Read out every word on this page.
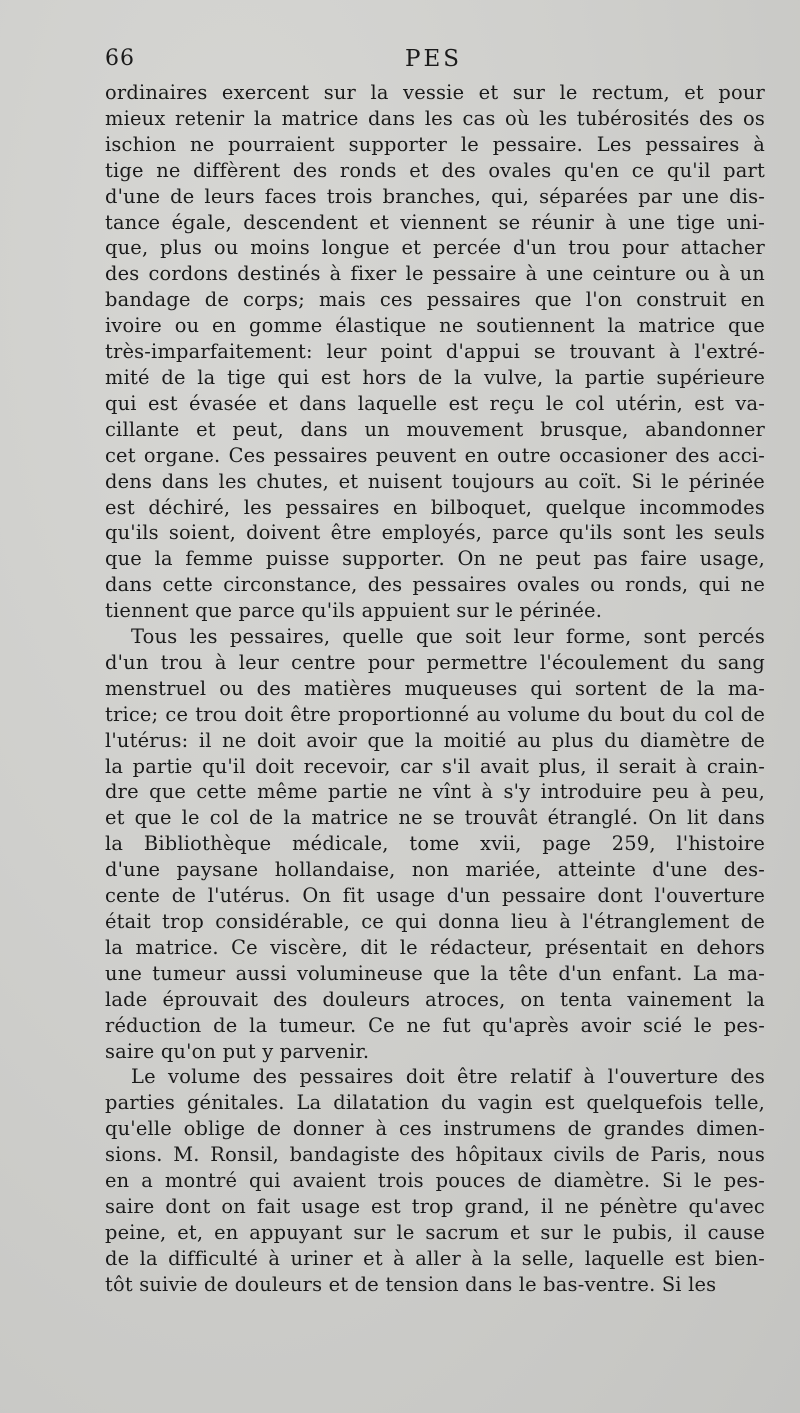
66	PES
ordinaires exercent sur la vessie et sur le rectum, et pour
mieux retenir la matrice dans les cas où les tubérosités des os
ischion ne pourraient supporter le pessaire. Les pessaires à
tige ne diffèrent des ronds et des ovales qu'en ce qu'il part
d'une de leurs faces trois branches, qui, séparées par une dis-
tance égale, descendent et viennent se réunir à une tige uni-
que, plus ou moins longue et percée d'un trou pour attacher
des cordons destinés à fixer le pessaire à une ceinture ou à un
bandage de corps; mais ces pessaires que l'on construit en
ivoire ou en gomme élastique ne soutiennent la matrice que
très-imparfaitement: leur point d'appui se trouvant à l'extré-
mité de la tige qui est hors de la vulve, la partie supérieure
qui est évasée et dans laquelle est reçu le col utérin, est va-
cillante et peut, dans un mouvement brusque, abandonner
cet organe. Ces pessaires peuvent en outre occasioner des acci-
dens dans les chutes, et nuisent toujours au coït. Si le périnée
est déchiré, les pessaires en bilboquet, quelque incommodes
qu'ils soient, doivent être employés, parce qu'ils sont les seuls
que la femme puisse supporter. On ne peut pas faire usage,
dans cette circonstance, des pessaires ovales ou ronds, qui ne
tiennent que parce qu'ils appuient sur le périnée.
Tous les pessaires, quelle que soit leur forme, sont percés
d'un trou à leur centre pour permettre l'écoulement du sang
menstruel ou des matières muqueuses qui sortent de la ma-
trice; ce trou doit être proportionné au volume du bout du col de
l'utérus: il ne doit avoir que la moitié au plus du diamètre de
la partie qu'il doit recevoir, car s'il avait plus, il serait à crain-
dre que cette même partie ne vînt à s'y introduire peu à peu,
et que le col de la matrice ne se trouvât étranglé. On lit dans
la Bibliothèque médicale, tome xvii, page 259, l'histoire
d'une paysane hollandaise, non mariée, atteinte d'une des-
cente de l'utérus. On fit usage d'un pessaire dont l'ouverture
était trop considérable, ce qui donna lieu à l'étranglement de
la matrice. Ce viscère, dit le rédacteur, présentait en dehors
une tumeur aussi volumineuse que la tête d'un enfant. La ma-
lade éprouvait des douleurs atroces, on tenta vainement la
réduction de la tumeur. Ce ne fut qu'après avoir scié le pes-
saire qu'on put y parvenir.
Le volume des pessaires doit être relatif à l'ouverture des
parties génitales. La dilatation du vagin est quelquefois telle,
qu'elle oblige de donner à ces instrumens de grandes dimen-
sions. M. Ronsil, bandagiste des hôpitaux civils de Paris, nous
en a montré qui avaient trois pouces de diamètre. Si le pes-
saire dont on fait usage est trop grand, il ne pénètre qu'avec
peine, et, en appuyant sur le sacrum et sur le pubis, il cause
de la difficulté à uriner et à aller à la selle, laquelle est bien-
tôt suivie de douleurs et de tension dans le bas-ventre. Si les
